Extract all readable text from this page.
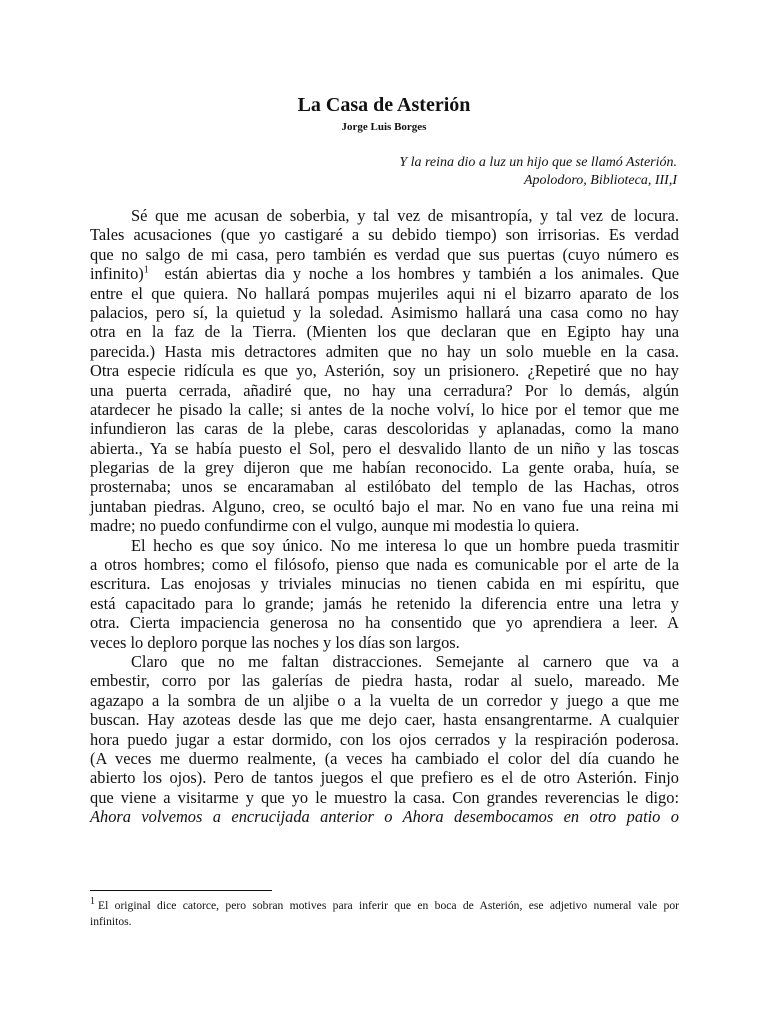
La Casa de Asterión
Jorge Luis Borges
Y la reina dio a luz un hijo que se llamó Asterión.
Apolodoro, Biblioteca, III,I
Sé que me acusan de soberbia, y tal vez de misantropía, y tal vez de locura.
Tales acusaciones (que yo castigaré a su debido tiempo) son irrisorias. Es verdad
que no salgo de mi casa, pero también es verdad que sus puertas (cuyo número es
infinito)$^1$ están abiertas dia y noche a los hombres y también a los animales. Que
entre el que quiera. No hallará pompas mujeriles aqui ni el bizarro aparato de los
palacios, pero sí, la quietud y la soledad. Asimismo hallará una casa como no hay
otra en la faz de la Tierra. (Mienten los que declaran que en Egipto hay una
parecida.) Hasta mis detractores admiten que no hay un solo mueble en la casa.
Otra especie ridícula es que yo, Asterión, soy un prisionero. ¿Repetiré que no hay
una puerta cerrada, añadiré que, no hay una cerradura? Por lo demás, algún
atardecer he pisado la calle; si antes de la noche volví, lo hice por el temor que me
infundieron las caras de la plebe, caras descoloridas y aplanadas, como la mano
abierta., Ya se había puesto el Sol, pero el desvalido llanto de un niño y las toscas
plegarias de la grey dijeron que me habían reconocido. La gente oraba, huía, se
prosternaba; unos se encaramaban al estilóbato del templo de las Hachas, otros
juntaban piedras. Alguno, creo, se ocultó bajo el mar. No en vano fue una reina mi
madre; no puedo confundirme con el vulgo, aunque mi modestia lo quiera.
El hecho es que soy único. No me interesa lo que un hombre pueda trasmitir
a otros hombres; como el filósofo, pienso que nada es comunicable por el arte de la
escritura. Las enojosas y triviales minucias no tienen cabida en mi espíritu, que
está capacitado para lo grande; jamás he retenido la diferencia entre una letra y
otra. Cierta impaciencia generosa no ha consentido que yo aprendiera a leer. A
veces lo deploro porque las noches y los días son largos.
Claro que no me faltan distracciones. Semejante al carnero que va a
embestir, corro por las galerías de piedra hasta, rodar al suelo, mareado. Me
agazapo a la sombra de un aljibe o a la vuelta de un corredor y juego a que me
buscan. Hay azoteas desde las que me dejo caer, hasta ensangrentarme. A cualquier
hora puedo jugar a estar dormido, con los ojos cerrados y la respiración poderosa.
(A veces me duermo realmente, (a veces ha cambiado el color del día cuando he
abierto los ojos). Pero de tantos juegos el que prefiero es el de otro Asterión. Finjo
que viene a visitarme y que yo le muestro la casa. Con grandes reverencias le digo:
Ahora volvemos a encrucijada anterior o Ahora desembocamos en otro patio o
$^1$ El original dice catorce, pero sobran motives para inferir que en boca de Asterión, ese adjetivo numeral vale por
infinitos.
